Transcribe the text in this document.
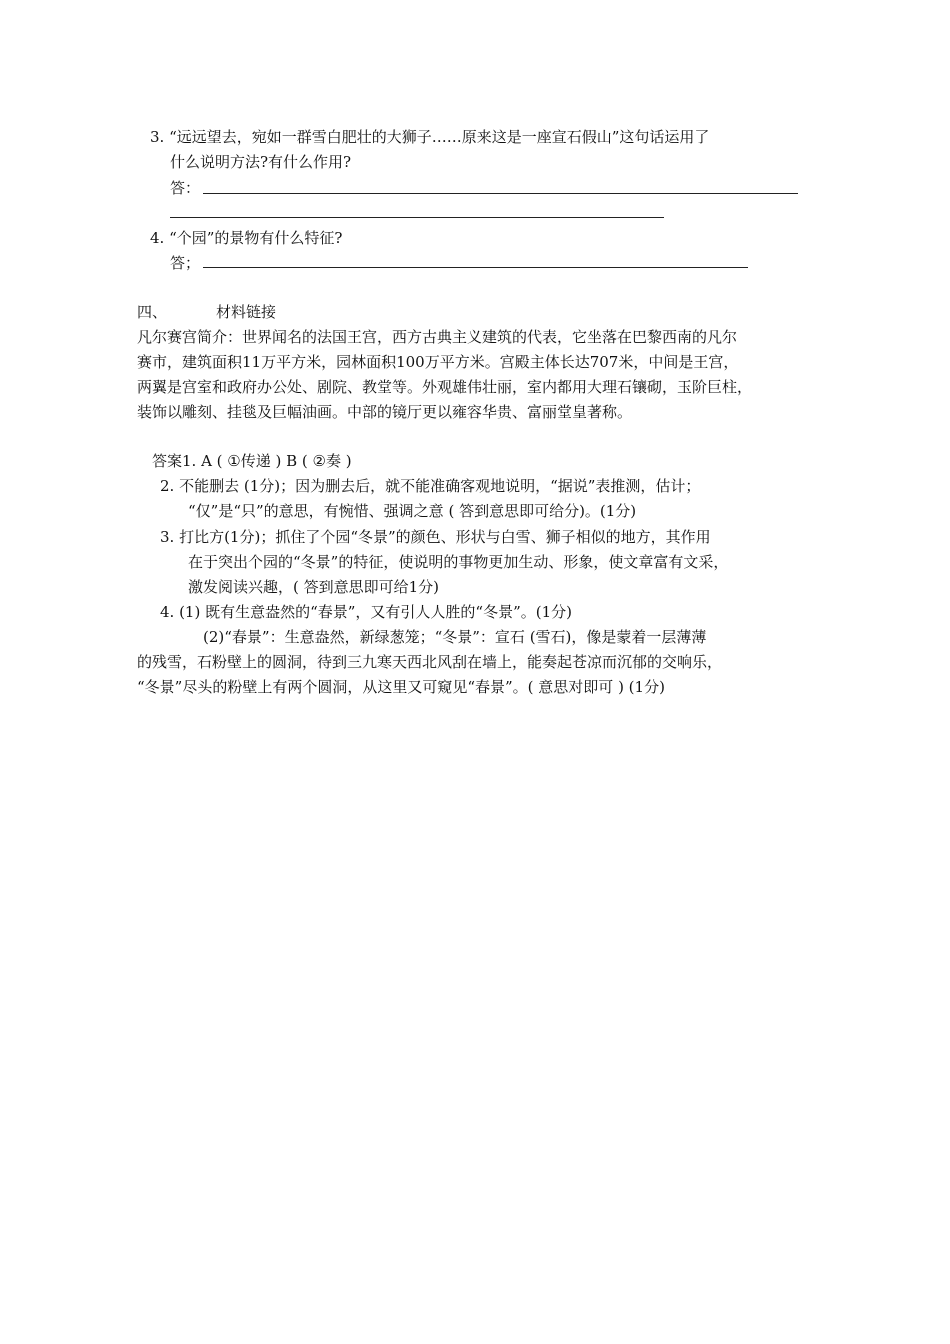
3. “远远望去，宛如一群雪白肥壮的大狮子……原来这是一座宣石假山”这句话运用了
什么说明方法?有什么作用?
答：
4. “个园”的景物有什么特征?
答；
四、	材料链接
凡尔赛宫简介：世界闻名的法国王宫，西方古典主义建筑的代表，它坐落在巴黎西南的凡尔
赛市，建筑面积11万平方米，园林面积100万平方米。宫殿主体长达707米，中间是王宫，
两翼是宫室和政府办公处、剧院、教堂等。外观雄伟壮丽，室内都用大理石镶砌，玉阶巨柱，
装饰以雕刻、挂毯及巨幅油画。中部的镜厅更以雍容华贵、富丽堂皇著称。
答案1. A ( ①传递 ) B ( ②奏 )
2. 不能删去 (1分)；因为删去后，就不能准确客观地说明，“据说”表推测，估计；
“仅”是“只”的意思，有惋惜、强调之意 ( 答到意思即可给分)。(1分)
3. 打比方(1分)；抓住了个园“冬景”的颜色、形状与白雪、狮子相似的地方，其作用
在于突出个园的“冬景”的特征，使说明的事物更加生动、形象，使文章富有文采，
激发阅读兴趣，( 答到意思即可给1分)
4. (1) 既有生意盎然的“春景”，又有引人人胜的“冬景”。(1分)
(2)“春景”：生意盎然，新绿葱笼；“冬景”：宣石 (雪石)，像是蒙着一层薄薄
的残雪，石粉壁上的圆洞，待到三九寒天西北风刮在墙上，能奏起苍凉而沉郁的交响乐，
“冬景”尽头的粉壁上有两个圆洞，从这里又可窥见“春景”。( 意思对即可 ) (1分)
